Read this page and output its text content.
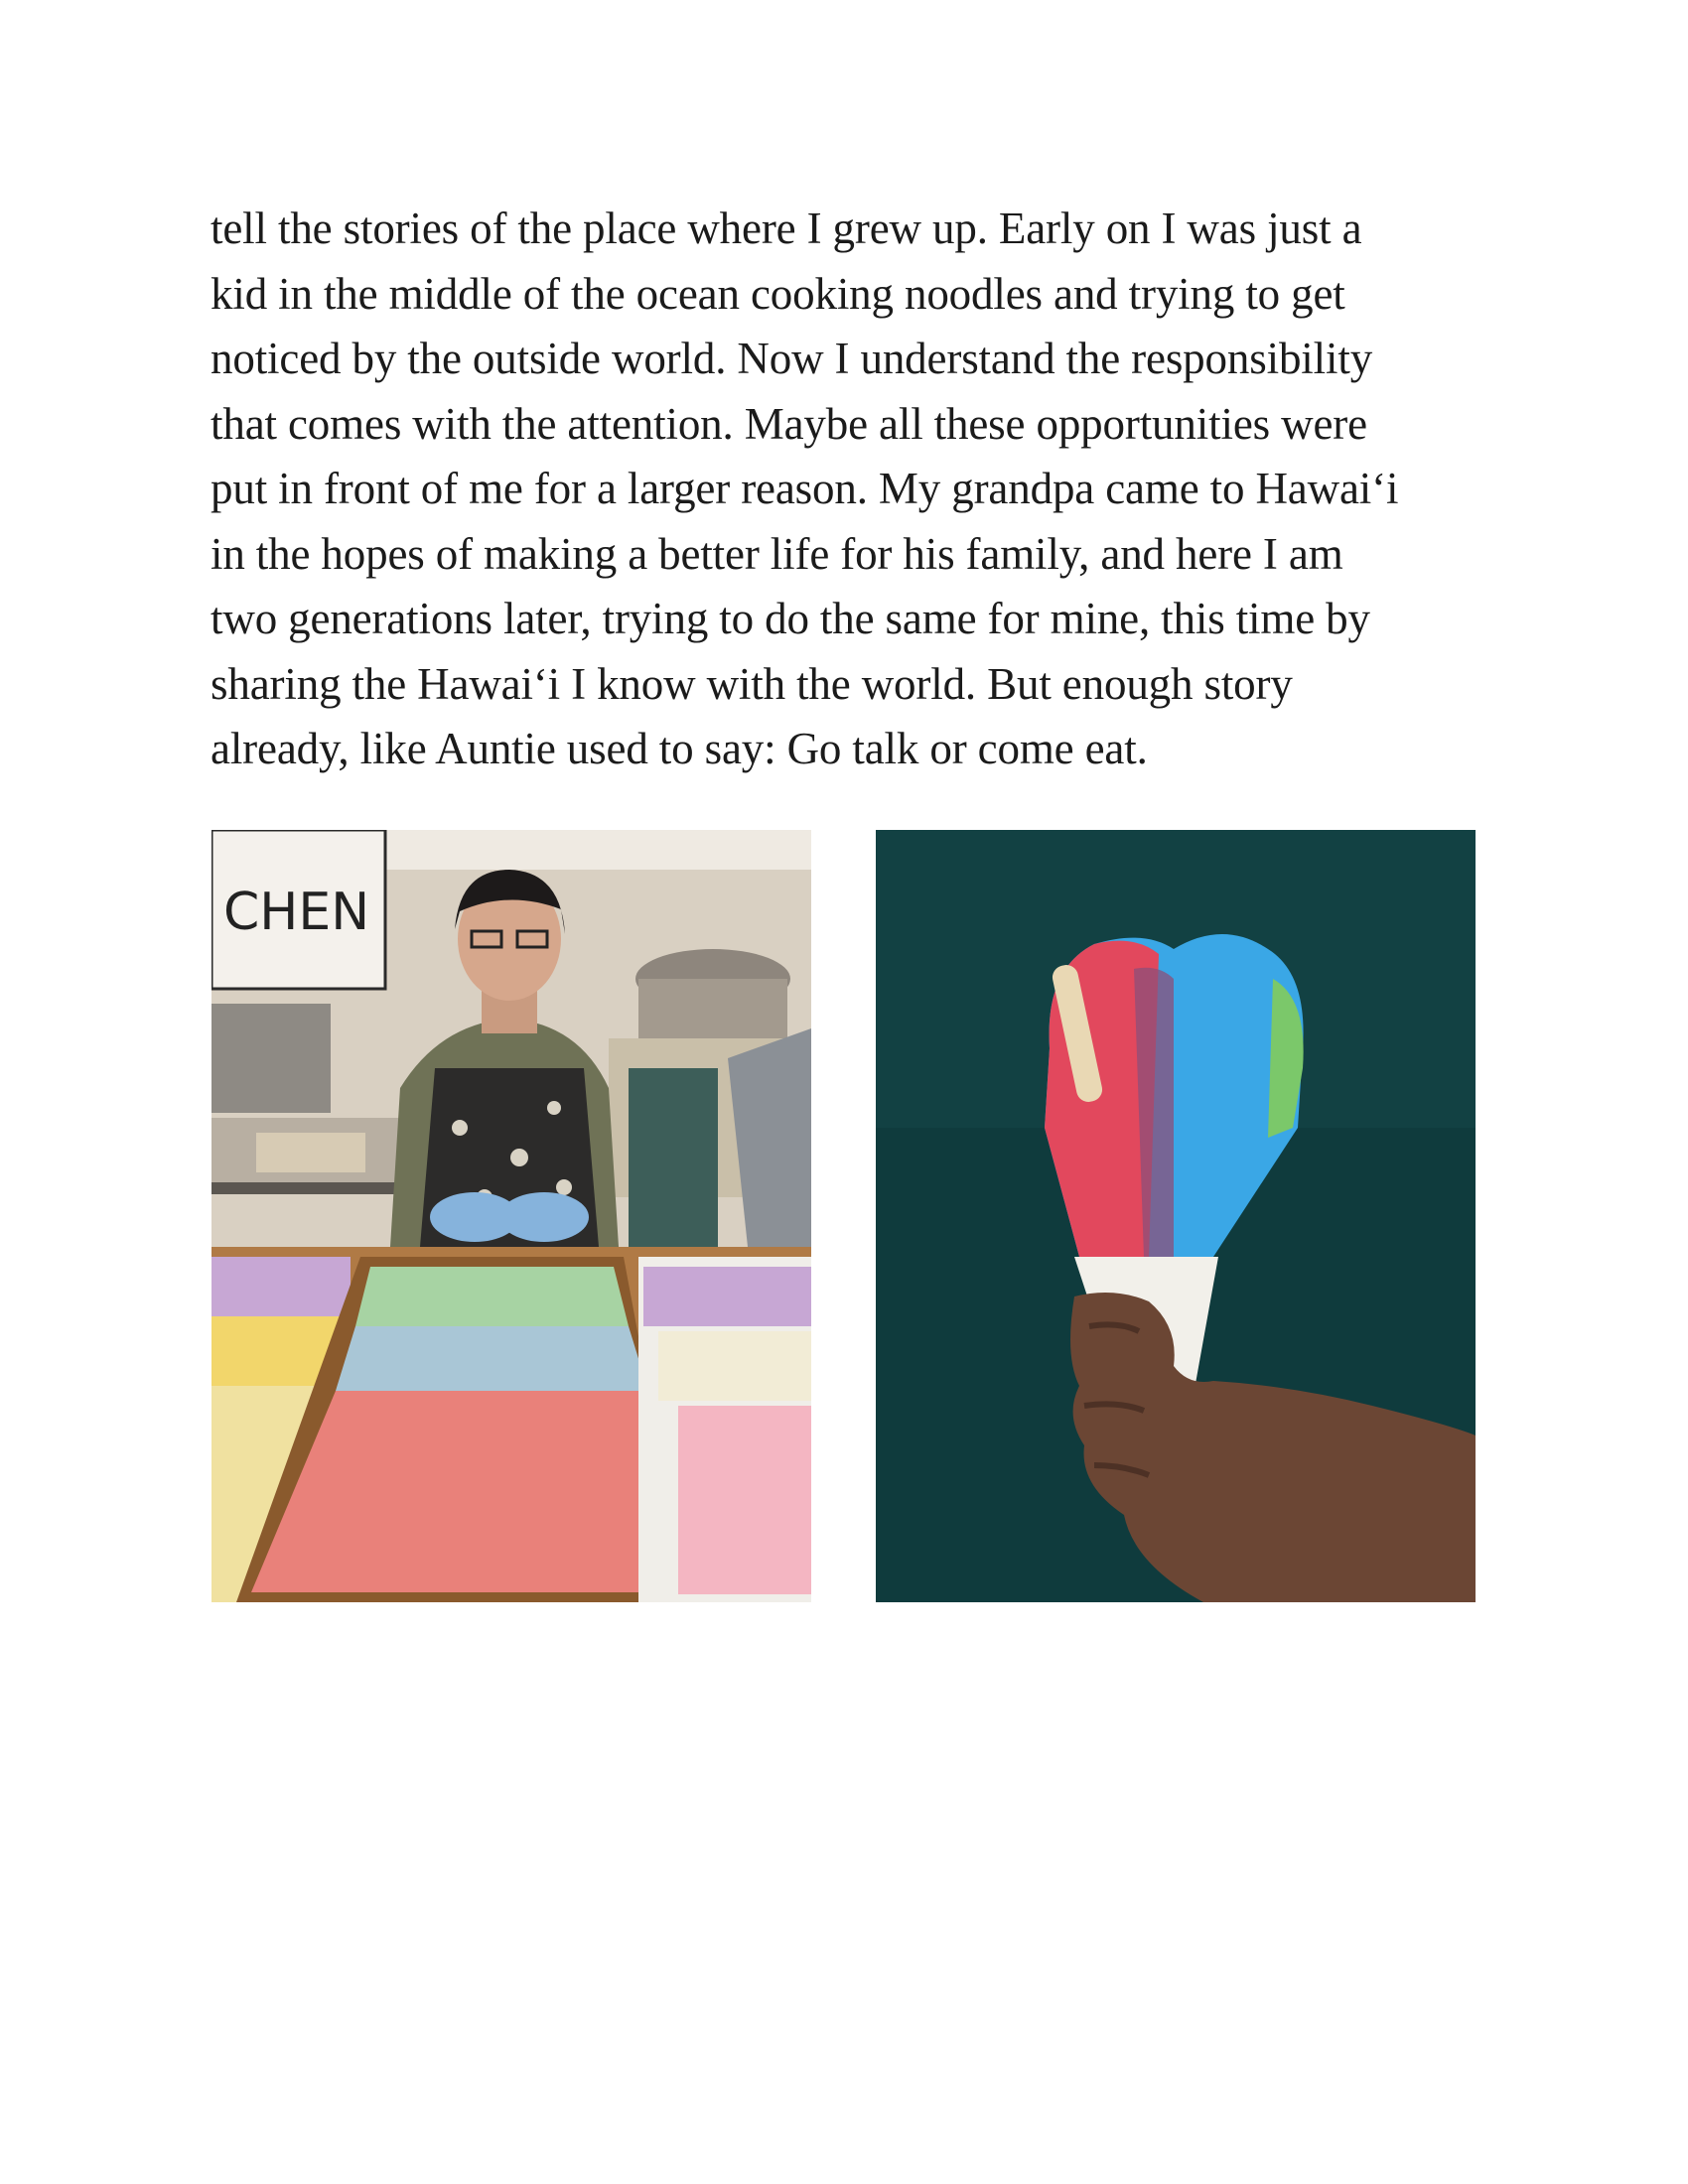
tell the stories of the place where I grew up. Early on I was just a
kid in the middle of the ocean cooking noodles and trying to get
noticed by the outside world. Now I understand the responsibility
that comes with the attention. Maybe all these opportunities were
put in front of me for a larger reason. My grandpa came to Hawai‘i
in the hopes of making a better life for his family, and here I am
two generations later, trying to do the same for mine, this time by
sharing the Hawai‘i I know with the world. But enough story
already, like Auntie used to say: Go talk or come eat.
CHEN
